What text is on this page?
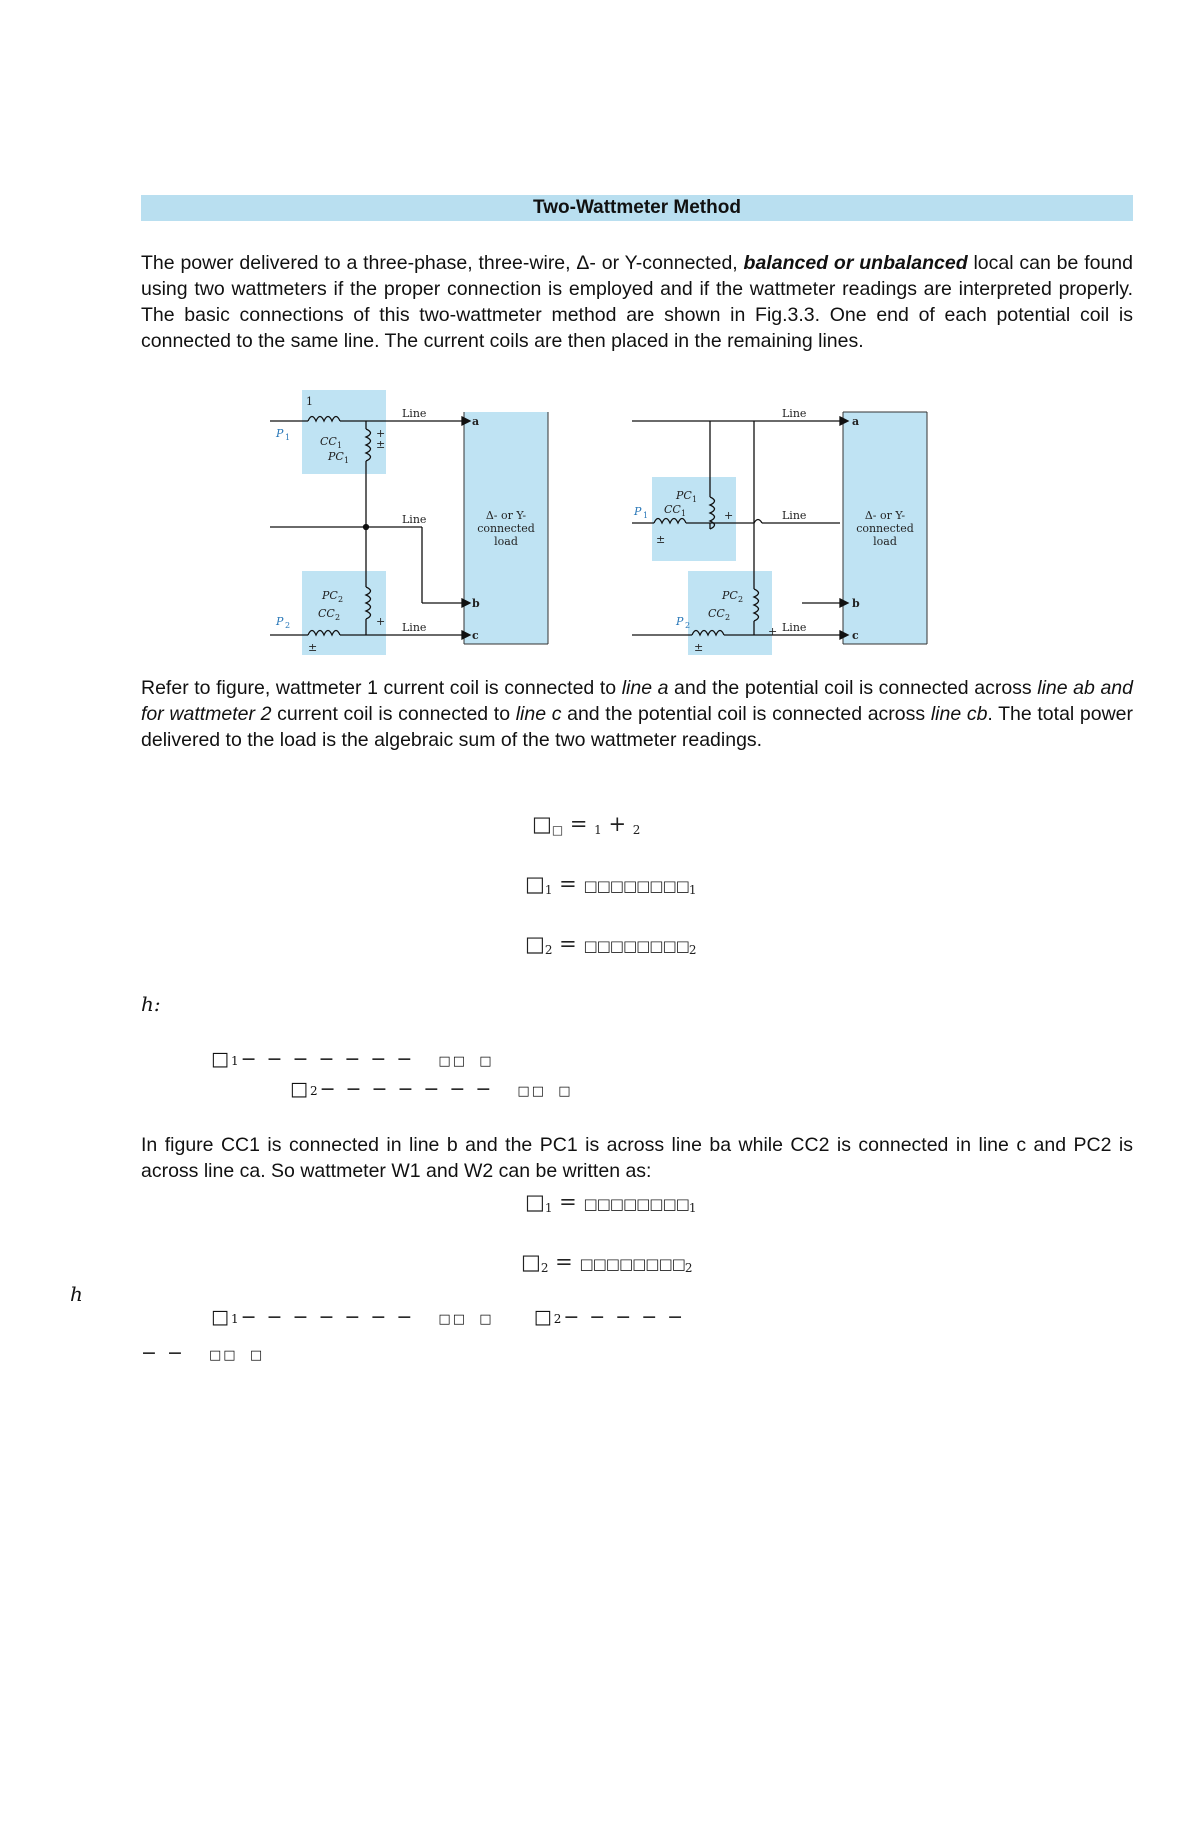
Two-Wattmeter Method
The power delivered to a three-phase, three-wire, Δ- or Y-connected, balanced or unbalanced local can be found using two wattmeters if the proper connection is employed and if the wattmeter readings are interpreted properly. The basic connections of this two-wattmeter method are shown in Fig.3.3. One end of each potential coil is connected to the same line. The current coils are then placed in the remaining lines.
1
P 1	CC 1
PC 1
+
±
Line
Line
Line
a
b
c
Δ- or Y-
connected
load
PC 2
CC 2
P 2	+
±
P 1 CC 1
PC 1
+
±
Line
Line
Line
a
b
c
Δ- or Y-
connected
load
PC 2
CC 2
P 2	+
±
Refer to figure, wattmeter 1 current coil is connected to line a and the potential coil is connected across line ab and for wattmeter 2 current coil is connected to line c and the potential coil is connected across line cb. The total power delivered to the load is the algebraic sum of the two wattmeter readings.
$□_□ = _1 + _2$
$□_1$ = $□□□□□□□□_1$
$□_2$ = $□□□□□□□□_2$
h:
□1− − − − − − − □□  □
□2− − − − − − − □□  □
In figure CC1 is connected in line b and the PC1 is across line ba while CC2 is connected in line c and PC2 is across line ca. So wattmeter W1 and W2 can be written as:
$□_1$ = $□□□□□□□□_1$
$□_2$ = $□□□□□□□□_2$
h
□1− − − − − − − □□  □ □2− − − − −
− − □□  □
